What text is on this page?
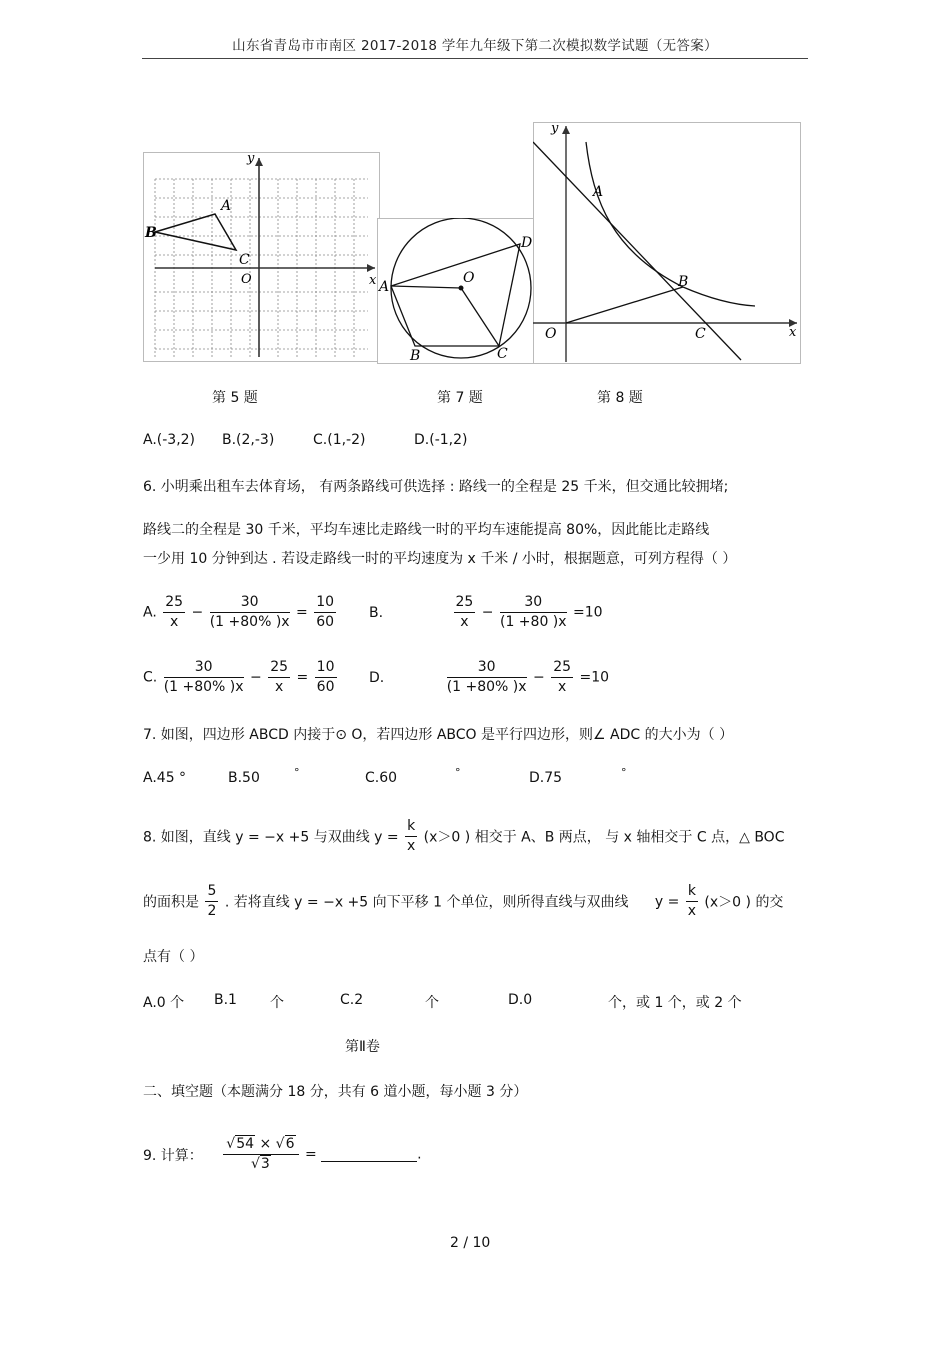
山东省青岛市市南区 2017-2018 学年九年级下第二次模拟数学试题（无答案）
y
x
B
A
C
O	A
B	C
D
O
y
x
A
B
C
O
第 5 题	第 7 题	第 8 题
A.(-3,2) B.(2,-3)	C.(1,-2)	D.(-1,2)
6. 小明乘出租车去体育场， 有两条路线可供选择 : 路线一的全程是 25 千米，但交通比较拥堵;
路线二的全程是 30 千米，平均车速比走路线一时的平均车速能提高 80%，因此能比走路线
一少用 10 分钟到达 . 若设走路线一时的平均速度为 x 千米 / 小时，根据题意，可列方程得（ ）
A. $\frac{25}{x} - \frac{30}{(1 +80\% )x} = \frac{10}{60} B$.	$\frac{25}{x} - \frac{30}{(1 +80 )x} =10$
C. $\frac{30}{(1 +80\% )x} - \frac{25}{x} = \frac{10}{60} D$.	$\frac{30}{(1 +80\% )x} - \frac{25}{x} =10$
7. 如图，四边形 ABCD 内接于⊙ O，若四边形 ABCO 是平行四边形，则∠ ADC 的大小为（ ）
A.45 °	B.50	°	C.60	°	D.75	°
8. 如图，直线 y = −x +5 与双曲线 $y = \frac{k}{x} (x>0$ ) 相交于 A、B 两点， 与 x 轴相交于 C 点，△ BOC
的面积是 $\frac{5}{2}$ . 若将直线 y = −x +5 向下平移 1 个单位，则所得直线与双曲线 $y = \frac{k}{x} (x>0$ ) 的交
点有（ ）
A.0 个 B.1 个	C.2	个	D.0	个，或 1 个，或 2 个
第Ⅱ卷
二、填空题（本题满分 18 分，共有 6 道小题，每小题 3 分）
9. 计算： $\frac{√54 \times √6}{√3}$ =	.
2 / 10
